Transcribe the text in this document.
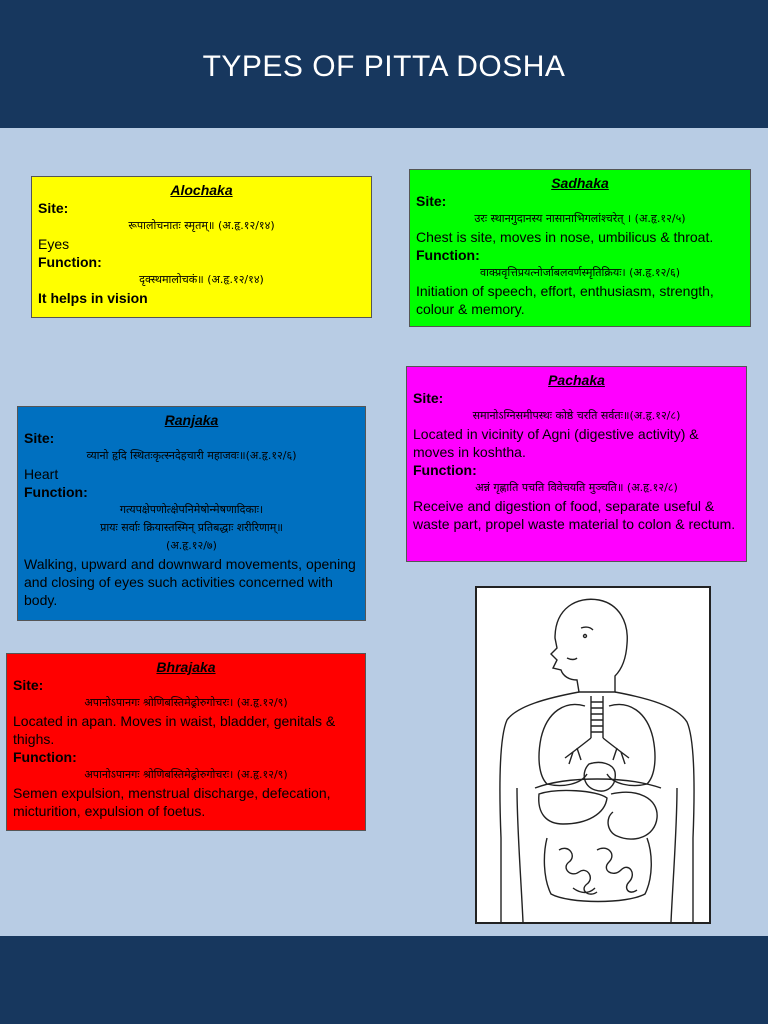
TYPES OF PITTA DOSHA
Alochaka
Site:
रूपालोचनातः स्मृतम्॥ (अ.हृ.१२/१४)
Eyes
Function:
दृक्स्थमालोचकं॥ (अ.हृ.१२/१४)
It helps in vision
Sadhaka
Site:
उरः स्थानगुदानस्य नासानाभिगलांश्चरेत् । (अ.हृ.१२/५)
Chest is site, moves in nose, umbilicus & throat.
Function:
वाक्प्रवृत्तिप्रयत्नोर्जाबलवर्णस्मृतिक्रियः। (अ.हृ.१२/६)
Initiation of speech, effort, enthusiasm, strength, colour & memory.
Pachaka
Site:
समानोऽग्निसमीपस्थः कोष्ठे चरति सर्वतः॥(अ.हृ.१२/८)
Located in vicinity of Agni (digestive activity) & moves in koshtha.
Function:
अन्नं गृह्णाति पचति विवेचयति मुञ्चति॥ (अ.हृ.१२/८)
Receive and digestion of food, separate useful & waste part, propel waste material to colon & rectum.
Ranjaka
Site:
व्यानो हृदि स्थितःकृत्स्नदेहचारी महाजवः॥(अ.हृ.१२/६)
Heart
Function:
गत्यपक्षेपणोत्क्षेपनिमेषोन्मेषणादिकाः।
प्रायः सर्वाः क्रियास्तस्मिन् प्रतिबद्धाः शरीरिणाम्॥
(अ.हृ.१२/७)
Walking, upward and downward movements, opening and closing of eyes such activities concerned with body.
Bhrajaka
Site:
अपानोऽपानगः श्रोणिबस्तिमेढ्रोरुगोचरः। (अ.हृ.१२/९)
Located in apan. Moves in waist, bladder, genitals & thighs.
Function:
अपानोऽपानगः श्रोणिबस्तिमेढ्रोरुगोचरः। (अ.हृ.१२/९)
Semen expulsion, menstrual discharge, defecation, micturition, expulsion of foetus.
